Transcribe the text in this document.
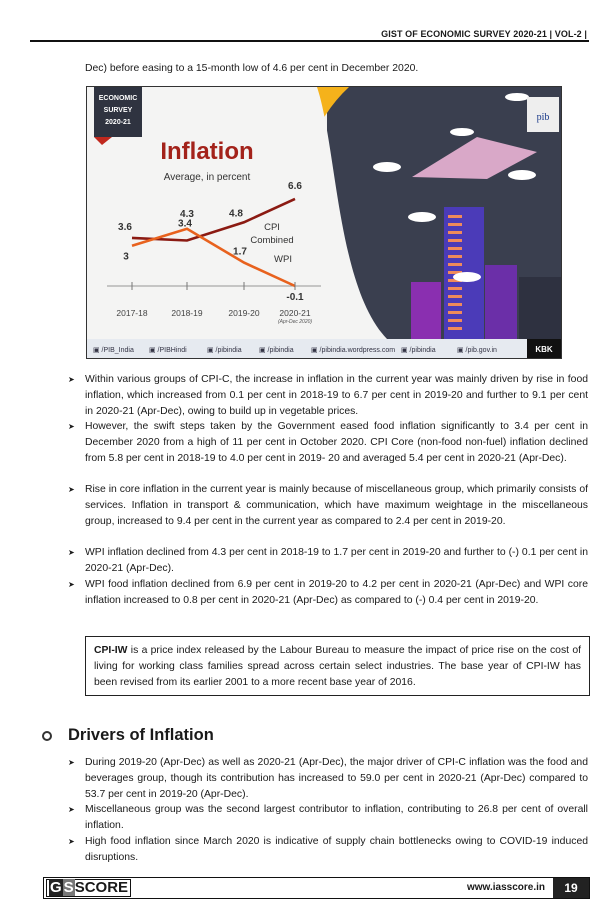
GIST OF ECONOMIC SURVEY 2020-21 | VOL-2 |
Dec) before easing to a 15-month low of 4.6 per cent in December 2020.
pib
ECONOMIC
SURVEY
2020-21
Inflation
Average, in percent
3.6	3.4
4.8
6.6
3
4.3
1.7
-0.1
2017-18	2018-19	2019-20 2020-21
CPI
Combined
WPI
(Apr-Dec 2020)
KBK
▣ /PIB_India ▣ /PIBHindi	▣ /pibindia ▣ /pibindia ▣ /pibindia.wordpress.com ▣ /pibindia	▣ /pib.gov.in
➤ Within various groups of CPI-C, the increase in inflation in the current year was mainly driven by rise in food inflation, which increased from 0.1 per cent in 2018-19 to 6.7 per cent in 2019-20 and further to 9.1 per cent in 2020-21 (Apr-Dec), owing to build up in vegetable prices.
➤ However, the swift steps taken by the Government eased food inflation significantly to 3.4 per cent in December 2020 from a high of 11 per cent in October 2020. CPI Core (non-food non-fuel) inflation declined from 5.8 per cent in 2018-19 to 4.0 per cent in 2019- 20 and averaged 5.4 per cent in 2020-21 (Apr-Dec).
➤ Rise in core inflation in the current year is mainly because of miscellaneous group, which primarily consists of services. Inflation in transport & communication, which have maximum weightage in the miscellaneous group, increased to 9.4 per cent in the current year as compared to 2.4 per cent in 2019-20.
➤ WPI inflation declined from 4.3 per cent in 2018-19 to 1.7 per cent in 2019-20 and further to (-) 0.1 per cent in 2020-21 (Apr-Dec).
➤ WPI food inflation declined from 6.9 per cent in 2019-20 to 4.2 per cent in 2020-21 (Apr-Dec) and WPI core inflation increased to 0.8 per cent in 2020-21 (Apr-Dec) as compared to (-) 0.4 per cent in 2019-20.
CPI-IW is a price index released by the Labour Bureau to measure the impact of price rise on the cost of living for working class families spread across certain select industries. The base year of CPI-IW has been revised from its earlier 2001 to a more recent base year of 2016.
Drivers of Inflation
➤ During 2019-20 (Apr-Dec) as well as 2020-21 (Apr-Dec), the major driver of CPI-C inflation was the food and beverages group, though its contribution has increased to 59.0 per cent in 2020-21 (Apr-Dec) compared to 53.7 per cent in 2019-20 (Apr-Dec).
➤ Miscellaneous group was the second largest contributor to inflation, contributing to 26.8 per cent of overall inflation.
➤ High food inflation since March 2020 is indicative of supply chain bottlenecks owing to COVID-19 induced disruptions.
G SSCORE	www.iasscore.in	19
